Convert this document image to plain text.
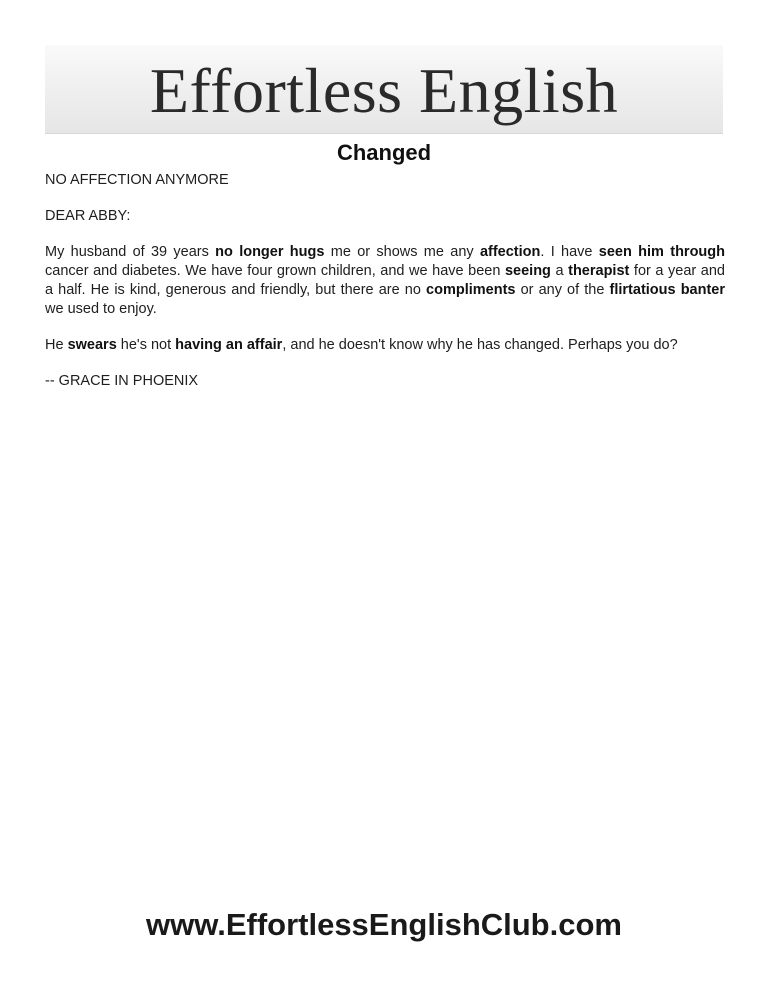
Effortless English
Changed

NO AFFECTION ANYMORE

DEAR ABBY:

My husband of 39 years no longer hugs me or shows me any affection. I have seen him through cancer and diabetes. We have four grown children, and we have been seeing a therapist for a year and a half. He is kind, generous and friendly, but there are no compliments or any of the flirtatious banter we used to enjoy.

He swears he's not having an affair, and he doesn't know why he has changed. Perhaps you do?

-- GRACE IN PHOENIX

www.EffortlessEnglishClub.com
